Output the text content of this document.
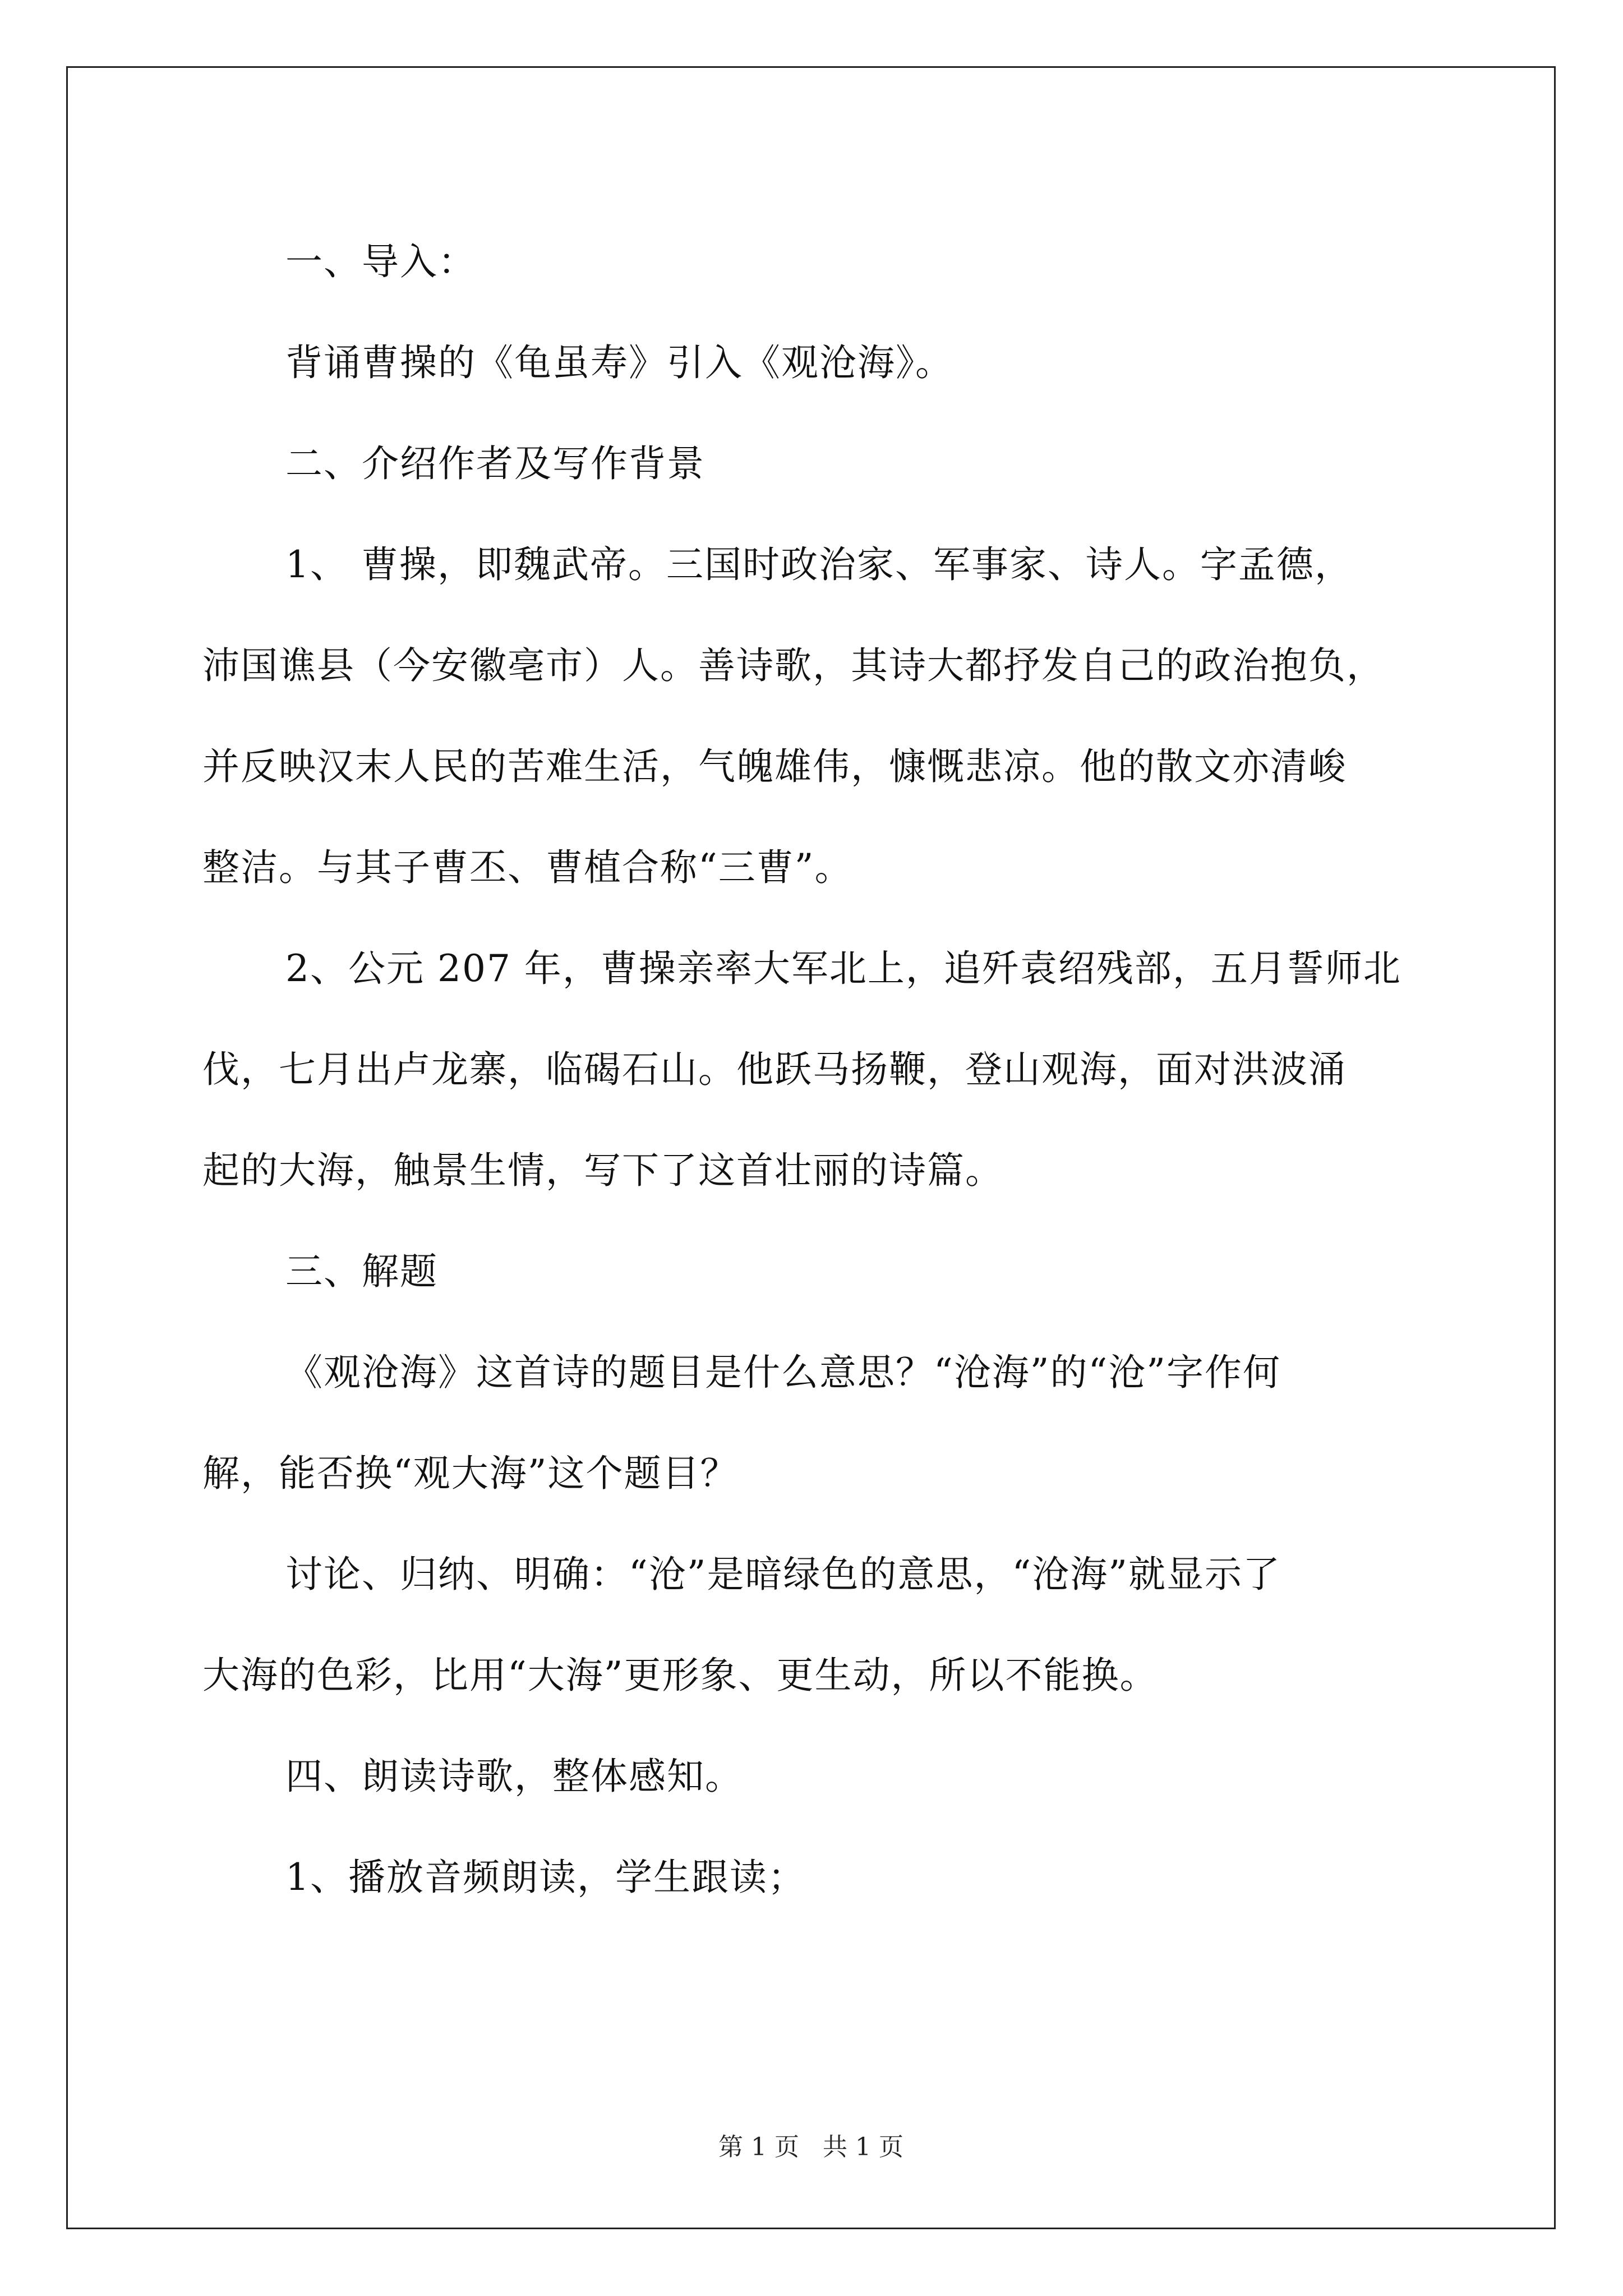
一、导入：
背诵曹操的《龟虽寿》引入《观沧海》。
二、介绍作者及写作背景
1、 曹操，即魏武帝。三国时政治家、军事家、诗人。字孟德，
沛国谯县（今安徽亳市）人。善诗歌，其诗大都抒发自己的政治抱负，
并反映汉末人民的苦难生活，气魄雄伟，慷慨悲凉。他的散文亦清峻
整洁。与其子曹丕、曹植合称“三曹”。
2、公元 207 年，曹操亲率大军北上，追歼袁绍残部，五月誓师北
伐，七月出卢龙寨，临碣石山。他跃马扬鞭，登山观海，面对洪波涌
起的大海，触景生情，写下了这首壮丽的诗篇。
三、解题
《观沧海》这首诗的题目是什么意思？“沧海”的“沧”字作何
解，能否换“观大海”这个题目？
讨论、归纳、明确：“沧”是暗绿色的意思，“沧海”就显示了
大海的色彩，比用“大海”更形象、更生动，所以不能换。
四、朗读诗歌，整体感知。
1、播放音频朗读，学生跟读；
第 1 页   共 1 页
